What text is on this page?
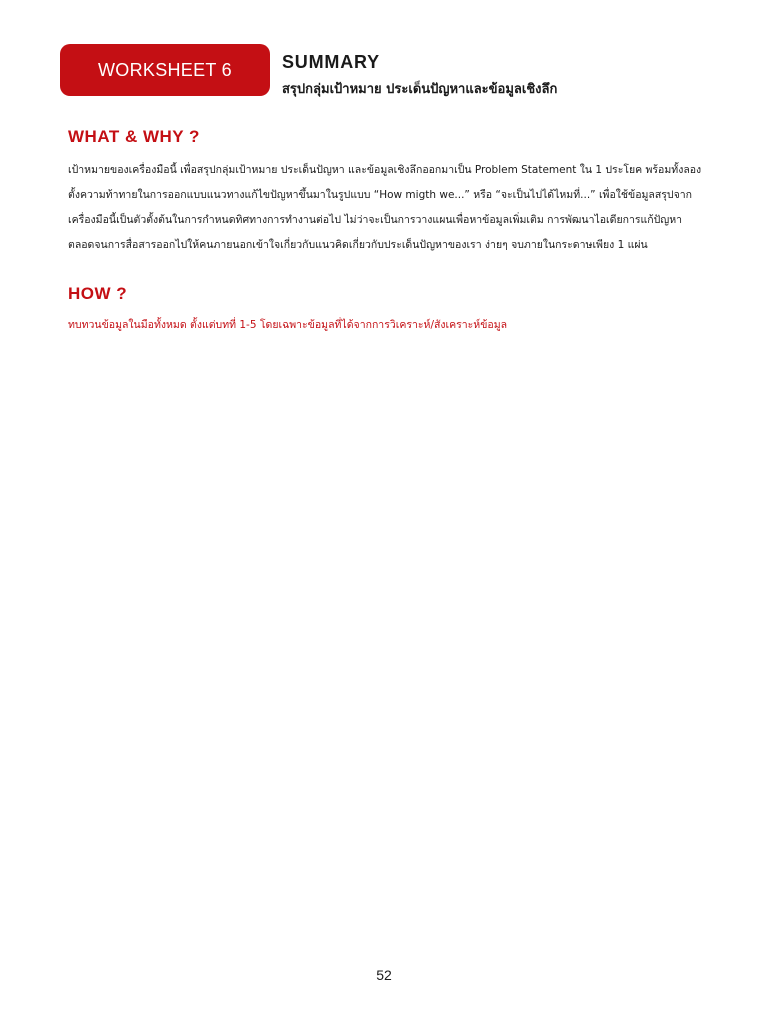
WORKSHEET 6	SUMMARY
สรุปกลุ่มเป้าหมาย ประเด็นปัญหาและข้อมูลเชิงลึก
WHAT & WHY ?
เป้าหมายของเครื่องมือนี้ เพื่อสรุปกลุ่มเป้าหมาย ประเด็นปัญหา และข้อมูลเชิงลึกออกมาเป็น Problem Statement ใน 1 ประโยค พร้อมทั้งลอง
ตั้งความท้าทายในการออกแบบแนวทางแก้ไขปัญหาขึ้นมาในรูปแบบ “How migth we...” หรือ “จะเป็นไปได้ไหมที่...” เพื่อใช้ข้อมูลสรุปจาก
เครื่องมือนี้เป็นตัวตั้งต้นในการกำหนดทิศทางการทำงานต่อไป ไม่ว่าจะเป็นการวางแผนเพื่อหาข้อมูลเพิ่มเติม การพัฒนาไอเดียการแก้ปัญหา
ตลอดจนการสื่อสารออกไปให้คนภายนอกเข้าใจเกี่ยวกับแนวคิดเกี่ยวกับประเด็นปัญหาของเรา ง่ายๆ จบภายในกระดาษเพียง 1 แผ่น
HOW ?
ทบทวนข้อมูลในมือทั้งหมด ตั้งแต่บทที่ 1-5 โดยเฉพาะข้อมูลที่ได้จากการวิเคราะห์/สังเคราะห์ข้อมูล
52
